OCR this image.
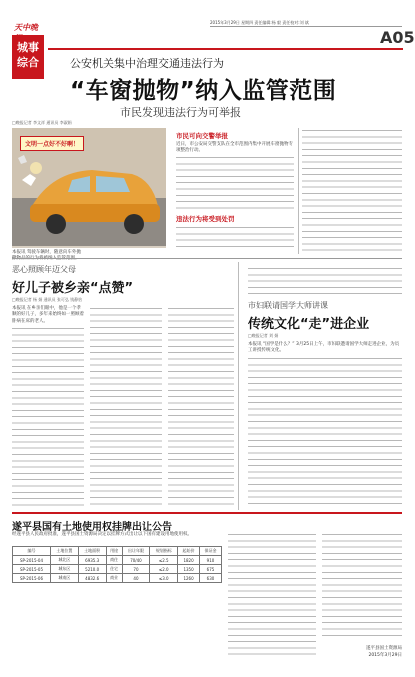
天中晚
城事
综合
2015年3月29日 星期四 责任编辑:杨 毅 责任校对:刘 斌
A05
公安机关集中治理交通违法行为
“车窗抛物”纳入监管范围
市民发现违法行为可举报
□晚报记者 李文祥 通讯员 李淑娟
文明一点好不好啊！
本报讯 驾驶车辆时，随意向车外抛
市民可向交警举报
近日，市公安局交警支队在全市范围内集中开展车窗抛物专项整治行动。
违法行为将受到处罚
恶心照顾年迈父母
好儿子被乡亲“点赞”
□晚报记者 杨 娟 通讯员 张可弘 钱静怡
本报讯 在乡亲们眼中，他是一个孝顺的好儿子，多年来始终如一照顾着卧病在床的老人。
市妇联请国学大师讲课
传统文化“走”进企业
□晚报记者 刘 娟
本报讯 “国学是什么？” 3月25日上午，市妇联邀请国学大师走进企业，为员工讲授传统文化。
遂平县国有土地使用权挂牌出让公告
经遂平县人民政府批准，遂平县国土资源局决定以挂牌方式出让以下国有建设用地使用权。
编号	土地位置	土地面积	用途	出让年限	规划指标	起始价	保证金
SP-2015-04	城北区	6935.3	商住	70/40	≤2.5	1820	910
SP-2015-05	城东区	5210.0	住宅	70	≤2.0	1350	675
SP-2015-06	城南区	4832.6	商业	40	≤3.0	1260	630
遂平县国土资源局
2015年3月29日
